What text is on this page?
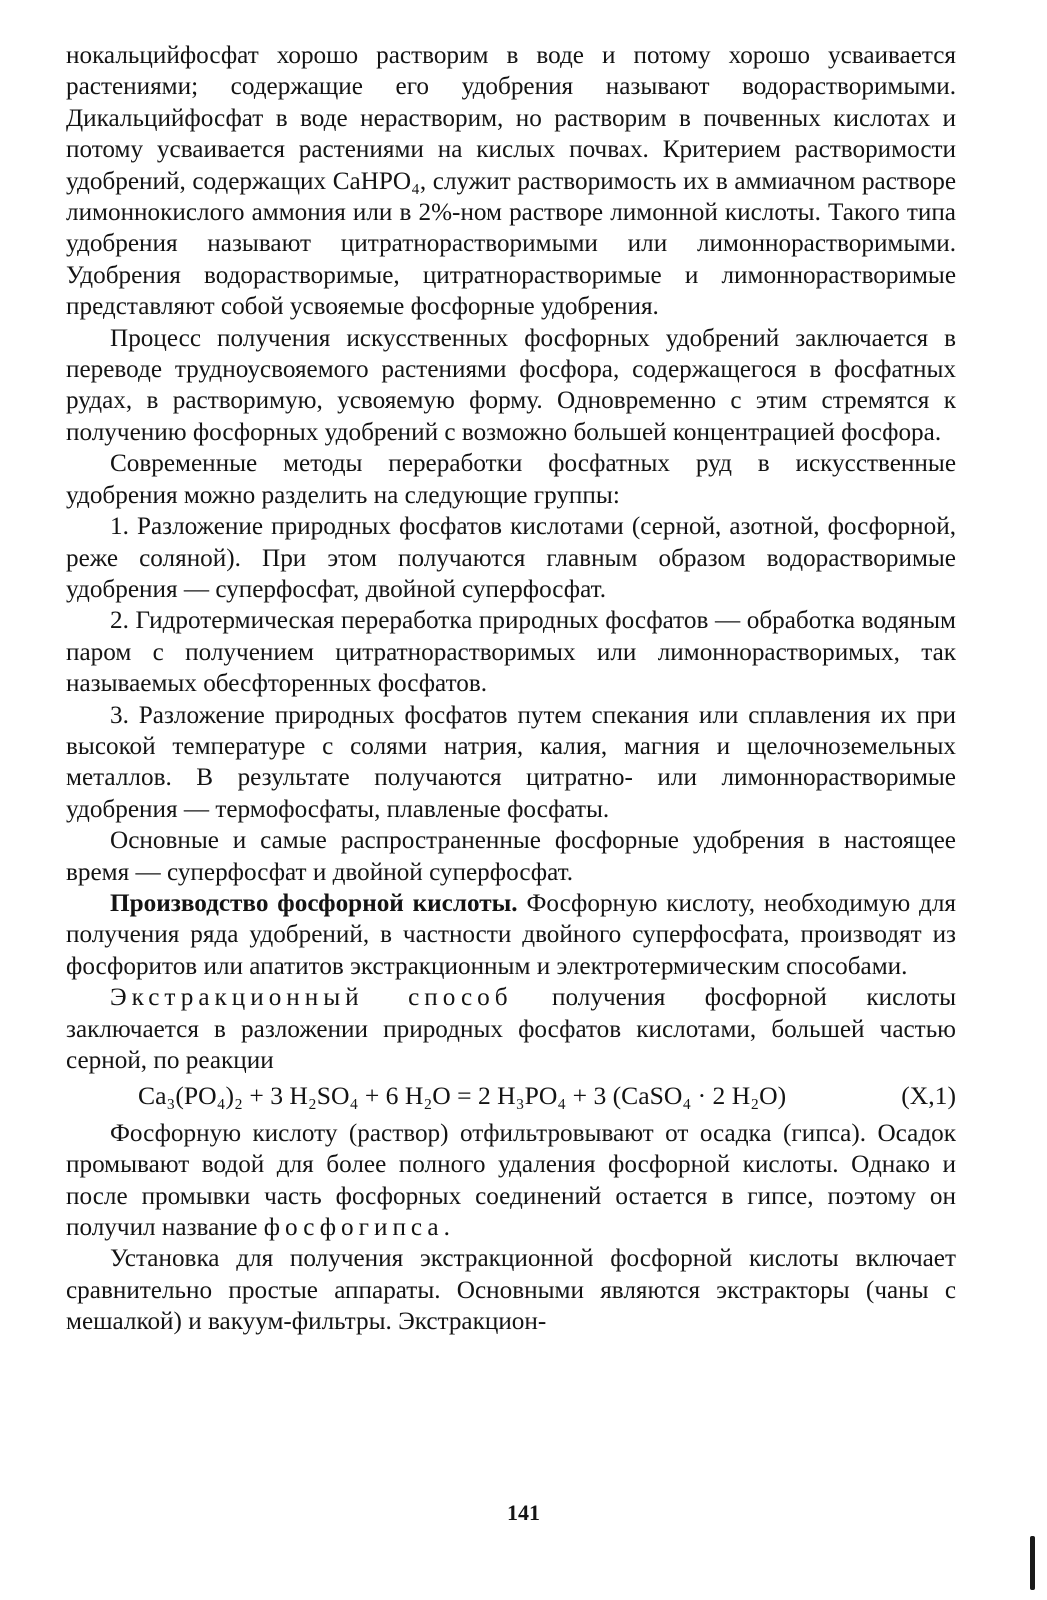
нокальцийфосфат хорошо растворим в воде и потому хорошо усваивается растениями; содержащие его удобрения называют водорастворимыми. Дикальцийфосфат в воде нерастворим, но растворим в почвенных кислотах и потому усваивается растениями на кислых почвах. Критерием растворимости удобрений, содержащих CaHPO₄, служит растворимость их в аммиачном растворе лимоннокислого аммония или в 2%-ном растворе лимонной кислоты. Такого типа удобрения называют цитратнорастворимыми или лимоннорастворимыми. Удобрения водорастворимые, цитратнорастворимые и лимоннорастворимые представляют собой усвояемые фосфорные удобрения.

Процесс получения искусственных фосфорных удобрений заключается в переводе трудноусвояемого растениями фосфора, содержащегося в фосфатных рудах, в растворимую, усвояемую форму. Одновременно с этим стремятся к получению фосфорных удобрений с возможно большей концентрацией фосфора.

Современные методы переработки фосфатных руд в искусственные удобрения можно разделить на следующие группы:

1. Разложение природных фосфатов кислотами (серной, азотной, фосфорной, реже соляной). При этом получаются главным образом водорастворимые удобрения — суперфосфат, двойной суперфосфат.

2. Гидротермическая переработка природных фосфатов — обработка водяным паром с получением цитратнорастворимых или лимоннорастворимых, так называемых обесфторенных фосфатов.

3. Разложение природных фосфатов путем спекания или сплавления их при высокой температуре с солями натрия, калия, магния и щелочноземельных металлов. В результате получаются цитратно- или лимоннорастворимые удобрения — термофосфаты, плавленые фосфаты.

Основные и самые распространенные фосфорные удобрения в настоящее время — суперфосфат и двойной суперфосфат.

Производство фосфорной кислоты. Фосфорную кислоту, необходимую для получения ряда удобрений, в частности двойного суперфосфата, производят из фосфоритов или апатитов экстракционным и электротермическим способами.

Экстракционный способ получения фосфорной кислоты заключается в разложении природных фосфатов кислотами, большей частью серной, по реакции

Ca₃(PO₄)₂ + 3 H₂SO₄ + 6 H₂O = 2 H₃PO₄ + 3 (CaSO₄ · 2 H₂O)	(X,1)

Фосфорную кислоту (раствор) отфильтровывают от осадка (гипса). Осадок промывают водой для более полного удаления фосфорной кислоты. Однако и после промывки часть фосфорных соединений остается в гипсе, поэтому он получил название фосфогипса.

Установка для получения экстракционной фосфорной кислоты включает сравнительно простые аппараты. Основными являются экстракторы (чаны с мешалкой) и вакуум-фильтры. Экстракцион-

141
